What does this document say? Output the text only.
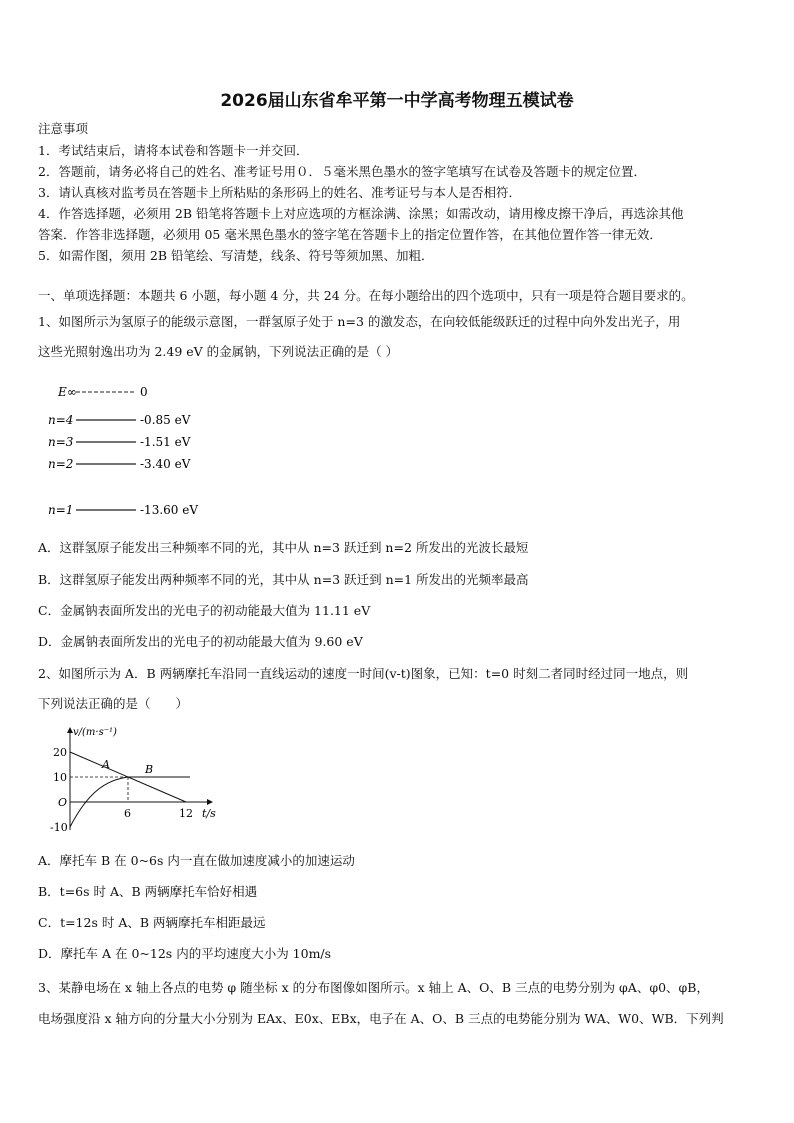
2026届山东省牟平第一中学高考物理五模试卷
注意事项
1．考试结束后，请将本试卷和答题卡一并交回．
2．答题前，请务必将自己的姓名、准考证号用０．５毫米黑色墨水的签字笔填写在试卷及答题卡的规定位置．
3．请认真核对监考员在答题卡上所粘贴的条形码上的姓名、准考证号与本人是否相符．
4．作答选择题，必须用 2B 铅笔将答题卡上对应选项的方框涂满、涂黑；如需改动，请用橡皮擦干净后，再选涂其他
答案．作答非选择题，必须用 05 毫米黑色墨水的签字笔在答题卡上的指定位置作答，在其他位置作答一律无效．
5．如需作图，须用 2B 铅笔绘、写清楚，线条、符号等须加黑、加粗．
一、单项选择题：本题共 6 小题，每小题 4 分，共 24 分。在每小题给出的四个选项中，只有一项是符合题目要求的。
1、如图所示为氢原子的能级示意图，一群氢原子处于 n=3 的激发态，在向较低能级跃迁的过程中向外发出光子，用
这些光照射逸出功为 2.49 eV 的金属钠，下列说法正确的是（ ）
E∞	0
n=4	-0.85 eV
n=3	-1.51 eV
n=2	-3.40 eV
n=1	-13.60 eV
A．这群氢原子能发出三种频率不同的光，其中从 n=3 跃迁到 n=2 所发出的光波长最短
B．这群氢原子能发出两种频率不同的光，其中从 n=3 跃迁到 n=1 所发出的光频率最高
C．金属钠表面所发出的光电子的初动能最大值为 11.11 eV
D．金属钠表面所发出的光电子的初动能最大值为 9.60 eV
2、如图所示为 A．B 两辆摩托车沿同一直线运动的速度一时间(v-t)图象，已知：t=0 时刻二者同时经过同一地点，则
下列说法正确的是（　　）
v/(m·s⁻¹)
t/s
O
20
10
-10
6	12
A	B
A．摩托车 B 在 0~6s 内一直在做加速度减小的加速运动
B．t=6s 时 A、B 两辆摩托车恰好相遇
C．t=12s 时 A、B 两辆摩托车相距最远
D．摩托车 A 在 0~12s 内的平均速度大小为 10m/s
3、某静电场在 x 轴上各点的电势 φ 随坐标 x 的分布图像如图所示。x 轴上 A、O、B 三点的电势分别为 φA、φ0、φB，
电场强度沿 x 轴方向的分量大小分别为 EAx、E0x、EBx，电子在 A、O、B 三点的电势能分别为 WA、W0、WB．下列判
